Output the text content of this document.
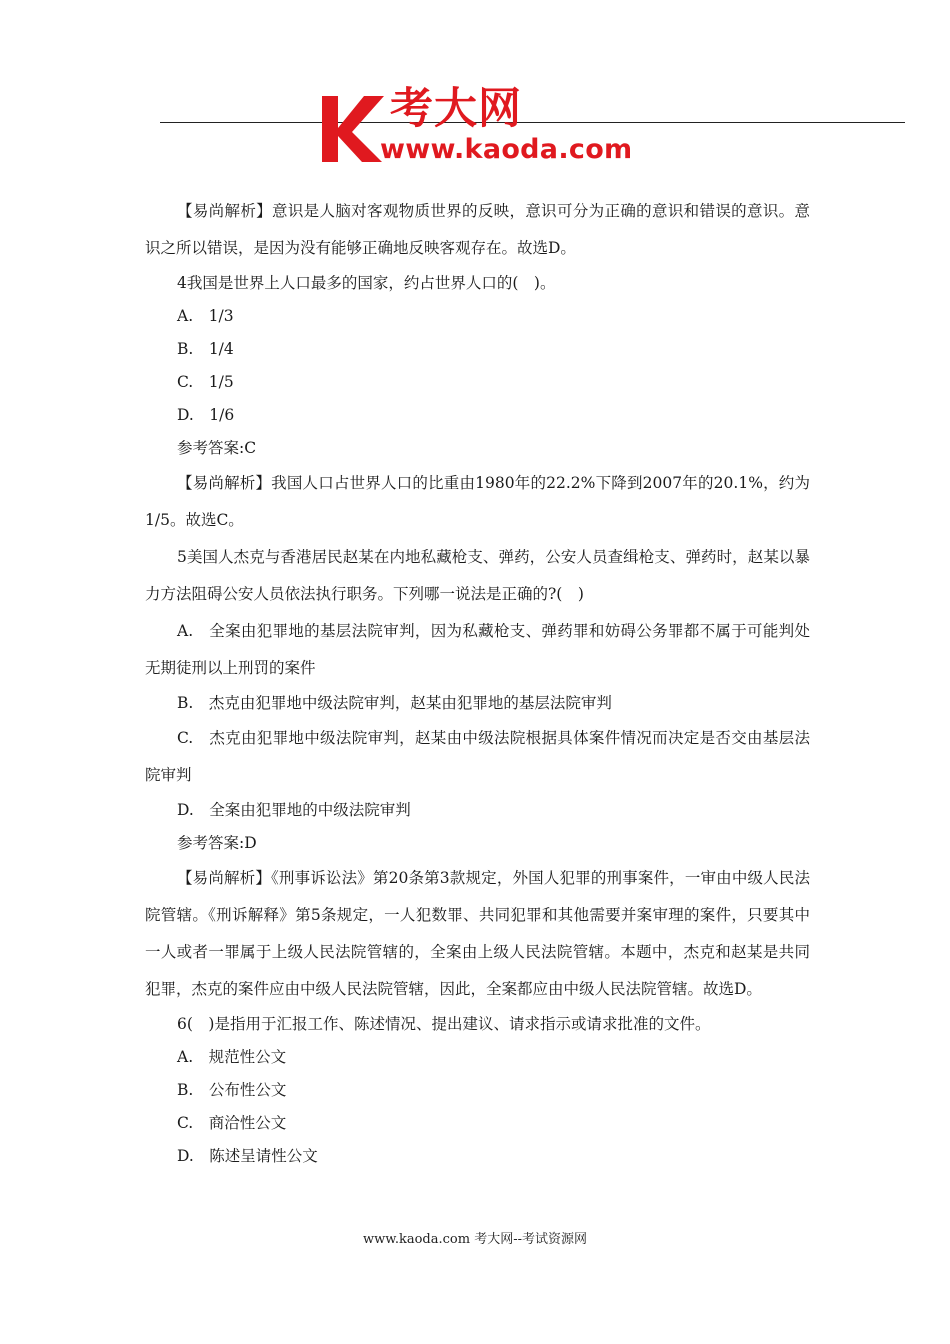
考大网
www.kaoda.com

【易尚解析】意识是人脑对客观物质世界的反映，意识可分为正确的意识和错误的意识。意识之所以错误，是因为没有能够正确地反映客观存在。故选D。

4我国是世界上人口最多的国家，约占世界人口的(　)。
A.　1/3
B.　1/4
C.　1/5
D.　1/6
参考答案:C

【易尚解析】我国人口占世界人口的比重由1980年的22.2%下降到2007年的20.1%，约为1/5。故选C。

5美国人杰克与香港居民赵某在内地私藏枪支、弹药，公安人员查缉枪支、弹药时，赵某以暴力方法阻碍公安人员依法执行职务。下列哪一说法是正确的?(　)

A.　全案由犯罪地的基层法院审判，因为私藏枪支、弹药罪和妨碍公务罪都不属于可能判处无期徒刑以上刑罚的案件

B.　杰克由犯罪地中级法院审判，赵某由犯罪地的基层法院审判

C.　杰克由犯罪地中级法院审判，赵某由中级法院根据具体案件情况而决定是否交由基层法院审判

D.　全案由犯罪地的中级法院审判
参考答案:D

【易尚解析】《刑事诉讼法》第20条第3款规定，外国人犯罪的刑事案件，一审由中级人民法院管辖。《刑诉解释》第5条规定，一人犯数罪、共同犯罪和其他需要并案审理的案件，只要其中一人或者一罪属于上级人民法院管辖的，全案由上级人民法院管辖。本题中，杰克和赵某是共同犯罪，杰克的案件应由中级人民法院管辖，因此，全案都应由中级人民法院管辖。故选D。

6(　)是指用于汇报工作、陈述情况、提出建议、请求指示或请求批准的文件。
A.　规范性公文
B.　公布性公文
C.　商洽性公文
D.　陈述呈请性公文
www.kaoda.com 考大网--考试资源网
